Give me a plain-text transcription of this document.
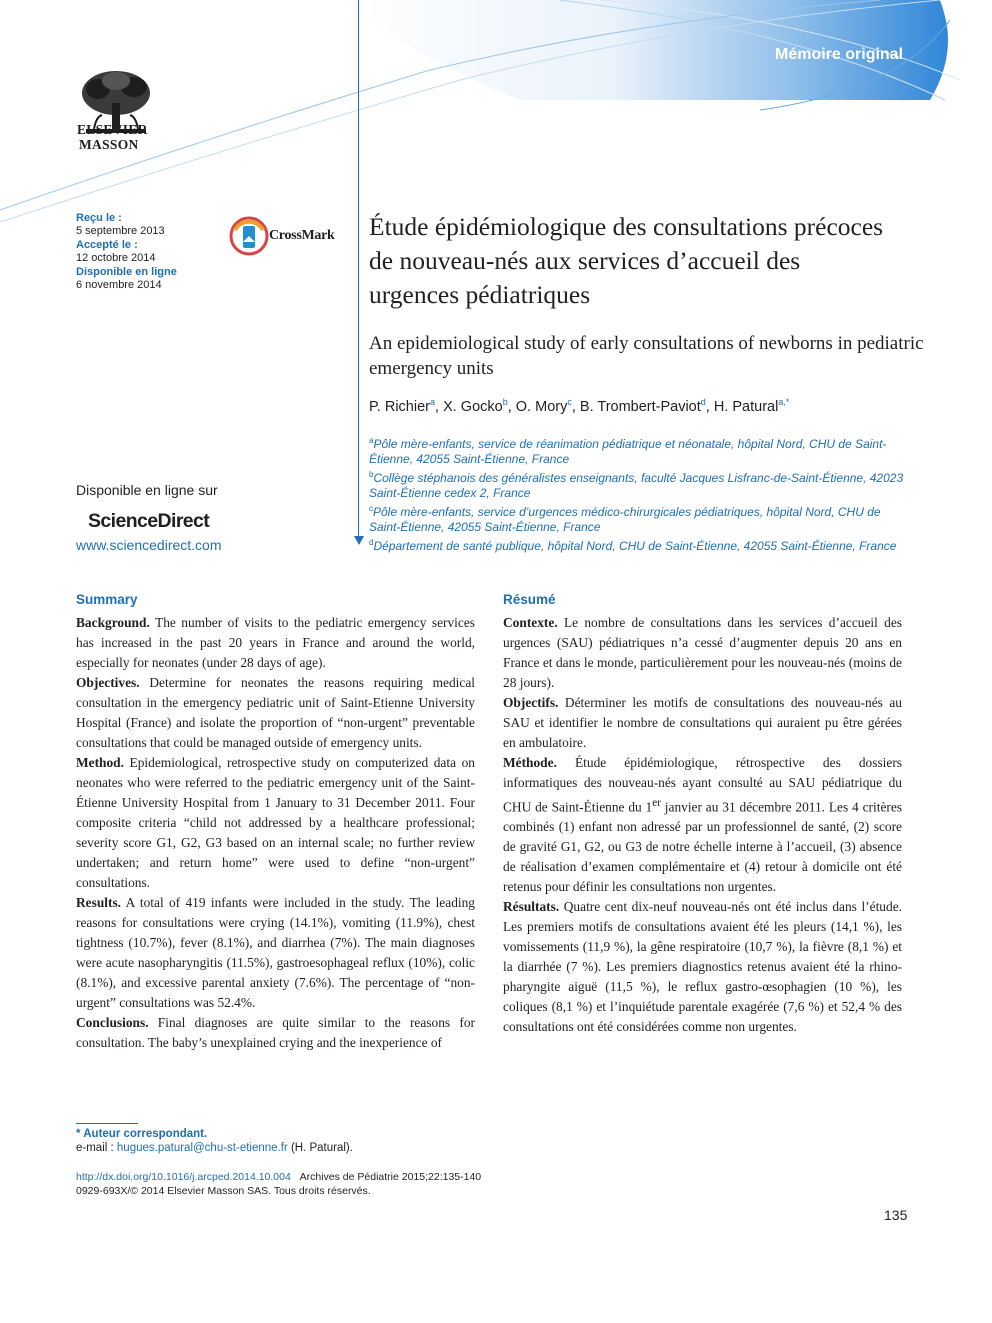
Mémoire original
ELSEVIER
MASSON
Reçu le :
5 septembre 2013
Accepté le :
12 octobre 2014
Disponible en ligne
6 novembre 2014
CrossMark Étude épidémiologique des consultations précoces de nouveau-nés aux services d’accueil des urgences pédiatriques
An epidemiological study of early consultations of newborns in pediatric emergency units
P. Richier$^a$, X. Gocko$^b$, O. Mory$^c$, B. Trombert-Paviot$^d$, H. Patural$^{a,*}$
$^a$Pôle mère-enfants, service de réanimation pédiatrique et néonatale, hôpital Nord, CHU de Saint-Étienne, 42055 Saint-Étienne, France
$^b$Collège stéphanois des généralistes enseignants, faculté Jacques Lisfranc-de-Saint-Étienne, 42023 Saint-Étienne cedex 2, France
$^c$Pôle mère-enfants, service d’urgences médico-chirurgicales pédiatriques, hôpital Nord, CHU de Saint-Étienne, 42055 Saint-Étienne, France
$^d$Département de santé publique, hôpital Nord, CHU de Saint-Étienne, 42055 Saint-Étienne, France
Disponible en ligne sur
ScienceDirect
www.sciencedirect.com
Summary

Background. The number of visits to the pediatric emergency services has increased in the past 20 years in France and around the world, especially for neonates (under 28 days of age).

Objectives. Determine for neonates the reasons requiring medical consultation in the emergency pediatric unit of Saint-Etienne University Hospital (France) and isolate the proportion of “non-urgent” preventable consultations that could be managed outside of emergency units.

Method. Epidemiological, retrospective study on computerized data on neonates who were referred to the pediatric emergency unit of the Saint-Étienne University Hospital from 1 January to 31 December 2011. Four composite criteria “child not addressed by a healthcare professional; severity score G1, G2, G3 based on an internal scale; no further review undertaken; and return home” were used to define “non-urgent” consultations.

Results. A total of 419 infants were included in the study. The leading reasons for consultations were crying (14.1%), vomiting (11.9%), chest tightness (10.7%), fever (8.1%), and diarrhea (7%). The main diagnoses were acute nasopharyngitis (11.5%), gastroesophageal reflux (10%), colic (8.1%), and excessive parental anxiety (7.6%). The percentage of “non-urgent” consultations was 52.4%.

Conclusions. Final diagnoses are quite similar to the reasons for consultation. The baby’s unexplained crying and the inexperience of

Résumé

Contexte. Le nombre de consultations dans les services d’accueil des urgences (SAU) pédiatriques n’a cessé d’augmenter depuis 20 ans en France et dans le monde, particulièrement pour les nouveau-nés (moins de 28 jours).

Objectifs. Déterminer les motifs de consultations des nouveau-nés au SAU et identifier le nombre de consultations qui auraient pu être gérées en ambulatoire.

Méthode. Étude épidémiologique, rétrospective des dossiers informatiques des nouveau-nés ayant consulté au SAU pédiatrique du CHU de Saint-Étienne du 1er janvier au 31 décembre 2011. Les 4 critères combinés (1) enfant non adressé par un professionnel de santé, (2) score de gravité G1, G2, ou G3 de notre échelle interne à l’accueil, (3) absence de réalisation d’examen complémentaire et (4) retour à domicile ont été retenus pour définir les consultations non urgentes.

Résultats. Quatre cent dix-neuf nouveau-nés ont été inclus dans l’étude. Les premiers motifs de consultations avaient été les pleurs (14,1 %), les vomissements (11,9 %), la gêne respiratoire (10,7 %), la fièvre (8,1 %) et la diarrhée (7 %). Les premiers diagnostics retenus avaient été la rhino-pharyngite aiguë (11,5 %), le reflux gastro-œsophagien (10 %), les coliques (8,1 %) et l’inquiétude parentale exagérée (7,6 %) et 52,4 % des consultations ont été considérées comme non urgentes.

* Auteur correspondant.
e-mail : hugues.patural@chu-st-etienne.fr (H. Patural).
http://dx.doi.org/10.1016/j.arcped.2014.10.004 Archives de Pédiatrie 2015;22:135-140
0929-693X/© 2014 Elsevier Masson SAS. Tous droits réservés.
135
